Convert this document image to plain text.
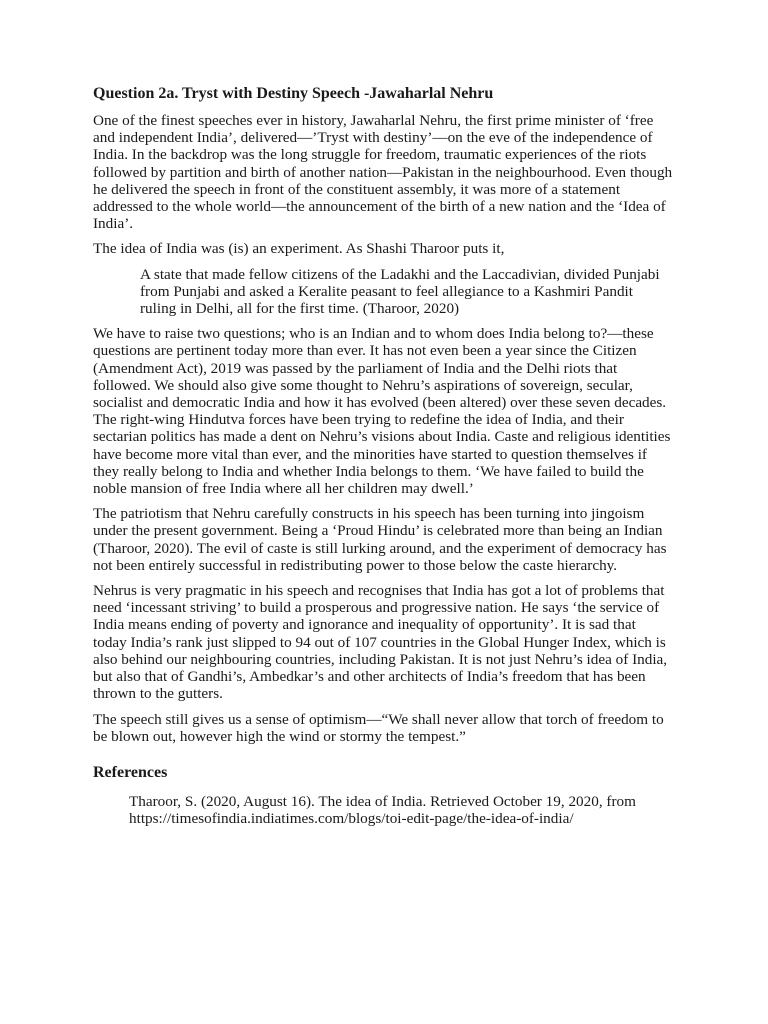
Question 2a. Tryst with Destiny Speech -Jawaharlal Nehru

One of the finest speeches ever in history, Jawaharlal Nehru, the first prime minister of ‘free and independent India’, delivered—’Tryst with destiny’—on the eve of the independence of India. In the backdrop was the long struggle for freedom, traumatic experiences of the riots followed by partition and birth of another nation—Pakistan in the neighbourhood. Even though he delivered the speech in front of the constituent assembly, it was more of a statement addressed to the whole world—the announcement of the birth of a new nation and the ‘Idea of India’.

The idea of India was (is) an experiment. As Shashi Tharoor puts it,

A state that made fellow citizens of the Ladakhi and the Laccadivian, divided Punjabi from Punjabi and asked a Keralite peasant to feel allegiance to a Kashmiri Pandit ruling in Delhi, all for the first time. (Tharoor, 2020)

We have to raise two questions; who is an Indian and to whom does India belong to?—these questions are pertinent today more than ever. It has not even been a year since the Citizen (Amendment Act), 2019 was passed by the parliament of India and the Delhi riots that followed. We should also give some thought to Nehru’s aspirations of sovereign, secular, socialist and democratic India and how it has evolved (been altered) over these seven decades. The right-wing Hindutva forces have been trying to redefine the idea of India, and their sectarian politics has made a dent on Nehru’s visions about India. Caste and religious identities have become more vital than ever, and the minorities have started to question themselves if they really belong to India and whether India belongs to them. ‘We have failed to build the noble mansion of free India where all her children may dwell.’

The patriotism that Nehru carefully constructs in his speech has been turning into jingoism under the present government. Being a ‘Proud Hindu’ is celebrated more than being an Indian (Tharoor, 2020). The evil of caste is still lurking around, and the experiment of democracy has not been entirely successful in redistributing power to those below the caste hierarchy.

Nehrus is very pragmatic in his speech and recognises that India has got a lot of problems that need ‘incessant striving’ to build a prosperous and progressive nation. He says ‘the service of India means ending of poverty and ignorance and inequality of opportunity’. It is sad that today India’s rank just slipped to 94 out of 107 countries in the Global Hunger Index, which is also behind our neighbouring countries, including Pakistan. It is not just Nehru’s idea of India, but also that of Gandhi’s, Ambedkar’s and other architects of India’s freedom that has been thrown to the gutters.

The speech still gives us a sense of optimism—“We shall never allow that torch of freedom to be blown out, however high the wind or stormy the tempest.”

References

Tharoor, S. (2020, August 16). The idea of India. Retrieved October 19, 2020, from https://timesofindia.indiatimes.com/blogs/toi-edit-page/the-idea-of-india/
